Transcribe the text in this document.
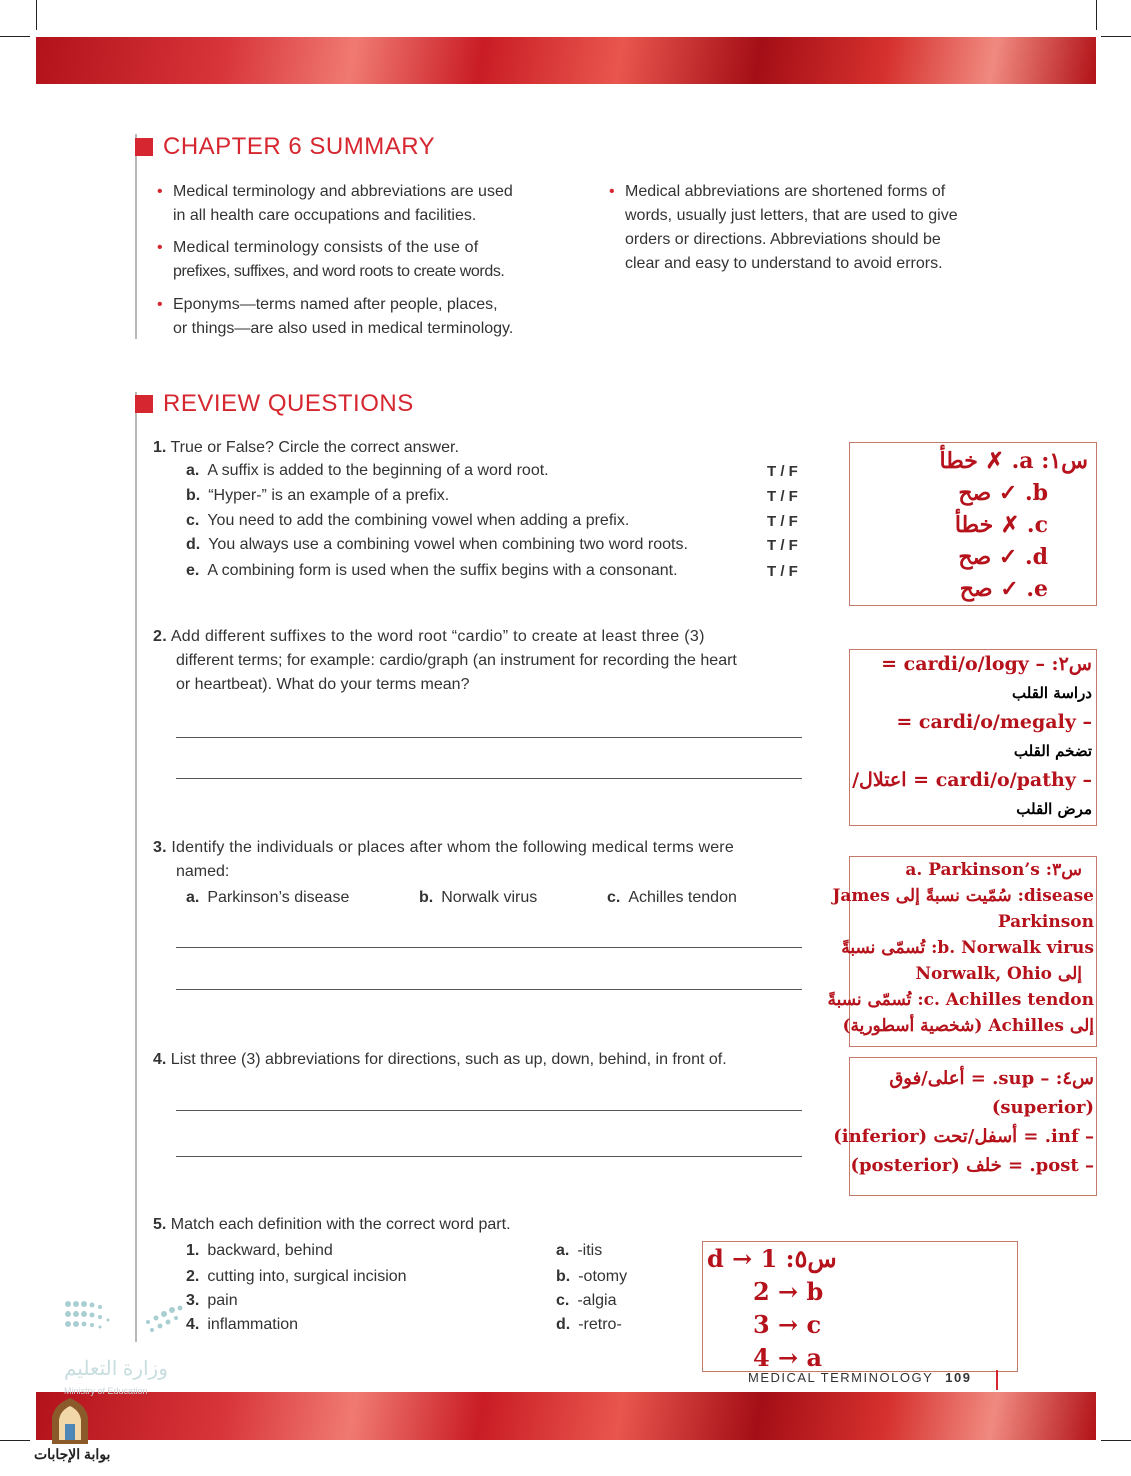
CHAPTER 6 SUMMARY
• Medical terminology and abbreviations are used
in all health care occupations and facilities.
• Medical terminology consists of the use of
prefixes, suffixes, and word roots to create words.
• Eponyms—terms named after people, places,
or things—are also used in medical terminology.
• Medical abbreviations are shortened forms of
words, usually just letters, that are used to give
orders or directions. Abbreviations should be
clear and easy to understand to avoid errors.
REVIEW QUESTIONS
1. True or False? Circle the correct answer.
a. A suffix is added to the beginning of a word root.
b. “Hyper-” is an example of a prefix.
c. You need to add the combining vowel when adding a prefix.
d. You always use a combining vowel when combining two word roots.
e. A combining form is used when the suffix begins with a consonant.
T / F
T / F
T / F
T / F
T / F
2. Add different suffixes to the word root “cardio” to create at least three (3)
different terms; for example: cardio/graph (an instrument for recording the heart
or heartbeat). What do your terms mean?
3. Identify the individuals or places after whom the following medical terms were
named:
a. Parkinson’s disease	b. Norwalk virus	c. Achilles tendon
4. List three (3) abbreviations for directions, such as up, down, behind, in front of.
5. Match each definition with the correct word part.
1. backward, behind
2. cutting into, surgical incision
3. pain
4. inflammation
a. -itis
b. -otomy
c. -algia
d. -retro-
س١: a. ✗ خطأ
b. ✓ صح
c. ✗ خطأ
d. ✓ صح
e. ✓ صح
س٢: – cardi/o/logy =
دراسة القلب
– cardi/o/megaly =
تضخم القلب
– cardi/o/pathy = اعتلال/
مرض القلب
س٣: a. Parkinson’s
disease: سُمّيت نسبةً إلى James
Parkinson
b. Norwalk virus: تُسمّى نسبةً
إلى Norwalk, Ohio
c. Achilles tendon: تُسمّى نسبةً
إلى Achilles (شخصية أسطورية)
س٤: – sup. = أعلى/فوق
(superior)
– inf. = أسفل/تحت (inferior)
– post. = خلف (posterior)
س٥: 1 → d
2 → b
3 → c
4 → a
وزارة التعليم
Ministry of Education
بوابة الإجابات
MEDICAL TERMINOLOGY 109
